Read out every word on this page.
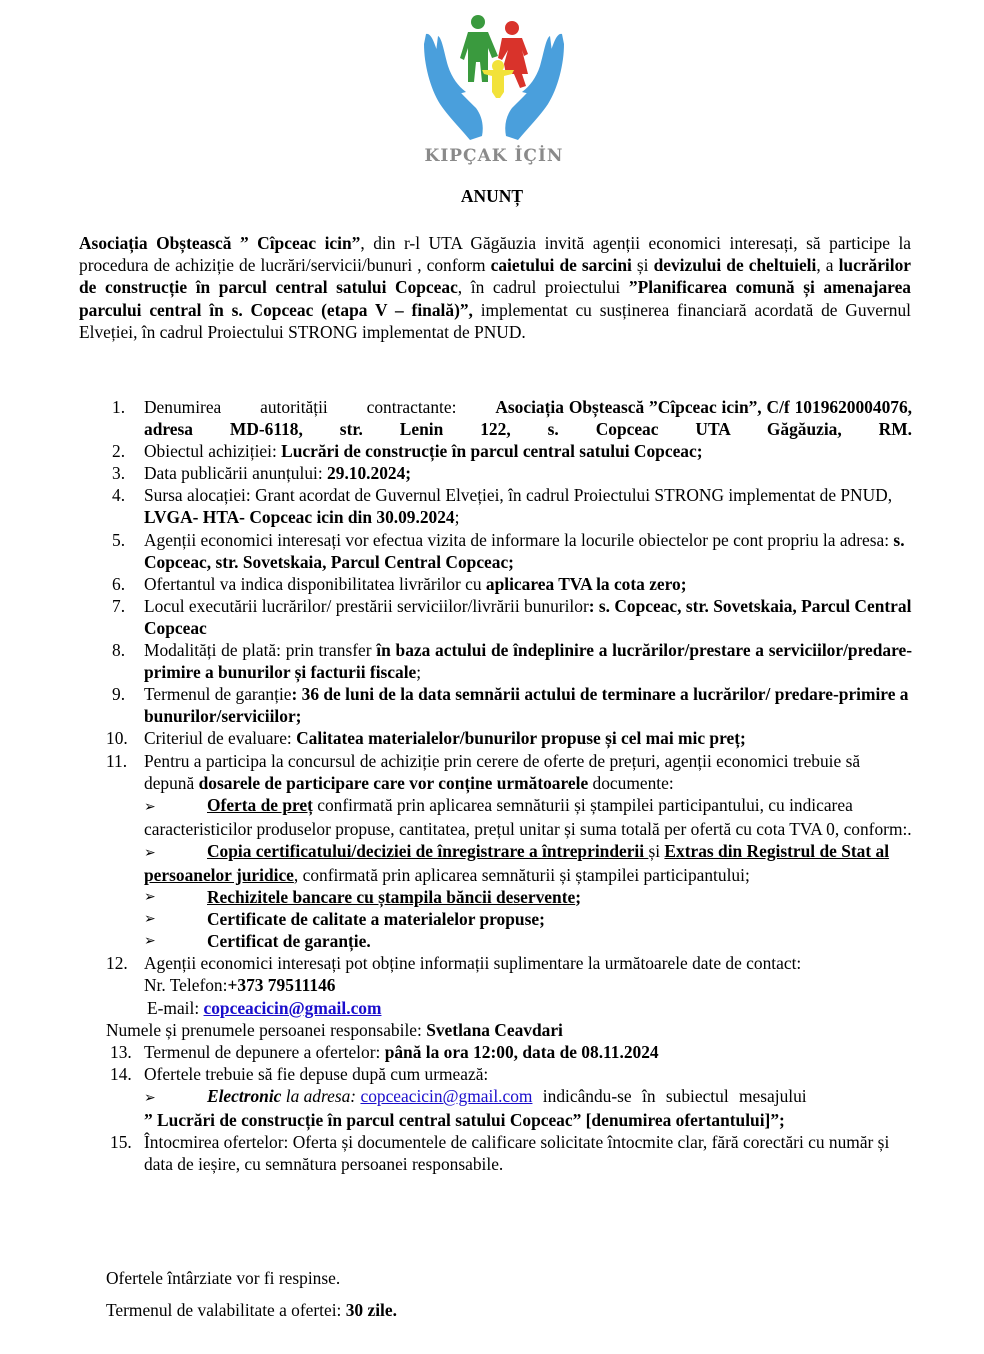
KIPÇAK İÇİN
ANUNȚ
Asociația Obștească ” Cîpceac icin”, din r-l UTA Găgăuzia invită agenții economici interesați, să participe la procedura de achiziție de lucrări/servicii/bunuri , conform caietului de sarcini și devizului de cheltuieli, a lucrărilor de construcție în parcul central satului Copceac, în cadrul proiectului ”Planificarea comună și amenajarea parcului central în s. Copceac (etapa V – finală)”, implementat cu susținerea financiară acordată de Guvernul Elveției, în cadrul Proiectului STRONG implementat de PNUD.
1. Denumirea autorității contractante: Asociația Obștească ”Cîpceac icin”, C/f 1019620004076, adresa MD-6118, str. Lenin 122, s. Copceac UTA Găgăuzia, RM.
2. Obiectul achiziției: Lucrări de construcție în parcul central satului Copceac;
3. Data publicării anunțului: 29.10.2024;
4. Sursa alocației: Grant acordat de Guvernul Elveției, în cadrul Proiectului STRONG implementat de PNUD, LVGA- HTA- Copceac icin din 30.09.2024;
5. Agenții economici interesați vor efectua vizita de informare la locurile obiectelor pe cont propriu la adresa: s. Copceac, str. Sovetskaia, Parcul Central Copceac;
6. Ofertantul va indica disponibilitatea livrărilor cu aplicarea TVA la cota zero;
7. Locul executării lucrărilor/ prestării serviciilor/livrării bunurilor: s. Copceac, str. Sovetskaia, Parcul Central Copceac
8. Modalități de plată: prin transfer în baza actului de îndeplinire a lucrărilor/prestare a serviciilor/predare-primire a bunurilor și facturii fiscale;
9. Termenul de garanție: 36 de luni de la data semnării actului de terminare a lucrărilor/ predare-primire a bunurilor/serviciilor;
10. Criteriul de evaluare: Calitatea materialelor/bunurilor propuse și cel mai mic preț;
11. Pentru a participa la concursul de achiziție prin cerere de oferte de prețuri, agenții economici trebuie să depună dosarele de participare care vor conține următoarele documente:
➢	Oferta de preț confirmată prin aplicarea semnăturii și ștampilei participantului, cu indicarea caracteristicilor produselor propuse, cantitatea, prețul unitar și suma totală per ofertă cu cota TVA 0, conform:.
➢	Copia certificatului/deciziei de înregistrare a întreprinderii și Extras din Registrul de Stat al persoanelor juridice, confirmată prin aplicarea semnăturii și ștampilei participantului;
➢	Rechizitele bancare cu ștampila băncii deservente;
➢	Certificate de calitate a materialelor propuse;
➢	Certificat de garanție.
12. Agenții economici interesați pot obține informații suplimentare la următoarele date de contact:
Nr. Telefon:+373 79511146
E-mail: copceacicin@gmail.com
Numele și prenumele persoanei responsabile: Svetlana Ceavdari
13. Termenul de depunere a ofertelor: până la ora 12:00, data de 08.11.2024
14. Ofertele trebuie să fie depuse după cum urmează:
➢	Electronic la adresa: copceacicin@gmail.com indicându-se în subiectul mesajului
” Lucrări de construcție în parcul central satului Copceac” [denumirea ofertantului]”;
15. Întocmirea ofertelor: Oferta și documentele de calificare solicitate întocmite clar, fără corectări cu număr și data de ieșire, cu semnătura persoanei responsabile.
Ofertele întârziate vor fi respinse.
Termenul de valabilitate a ofertei: 30 zile.
